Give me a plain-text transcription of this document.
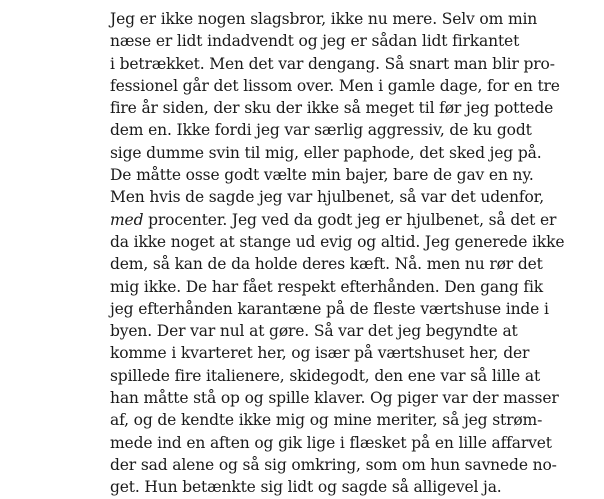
Jeg er ikke nogen slagsbror, ikke nu mere. Selv om min
næse er lidt indadvendt og jeg er sådan lidt firkantet
i betrækket. Men det var dengang. Så snart man blir pro-
fessionel går det lissom over. Men i gamle dage, for en tre
fire år siden, der sku der ikke så meget til før jeg pottede
dem en. Ikke fordi jeg var særlig aggressiv, de ku godt
sige dumme svin til mig, eller paphode, det sked jeg på.
De måtte osse godt vælte min bajer, bare de gav en ny.
Men hvis de sagde jeg var hjulbenet, så var det udenfor,
med procenter. Jeg ved da godt jeg er hjulbenet, så det er
da ikke noget at stange ud evig og altid. Jeg generede ikke
dem, så kan de da holde deres kæft. Nå. men nu rør det
mig ikke. De har fået respekt efterhånden. Den gang fik
jeg efterhånden karantæne på de fleste værtshuse inde i
byen. Der var nul at gøre. Så var det jeg begyndte at
komme i kvarteret her, og især på værtshuset her, der
spillede fire italienere, skidegodt, den ene var så lille at
han måtte stå op og spille klaver. Og piger var der masser
af, og de kendte ikke mig og mine meriter, så jeg strøm-
mede ind en aften og gik lige i flæsket på en lille affarvet
der sad alene og så sig omkring, som om hun savnede no-
get. Hun betænkte sig lidt og sagde så alligevel ja.
